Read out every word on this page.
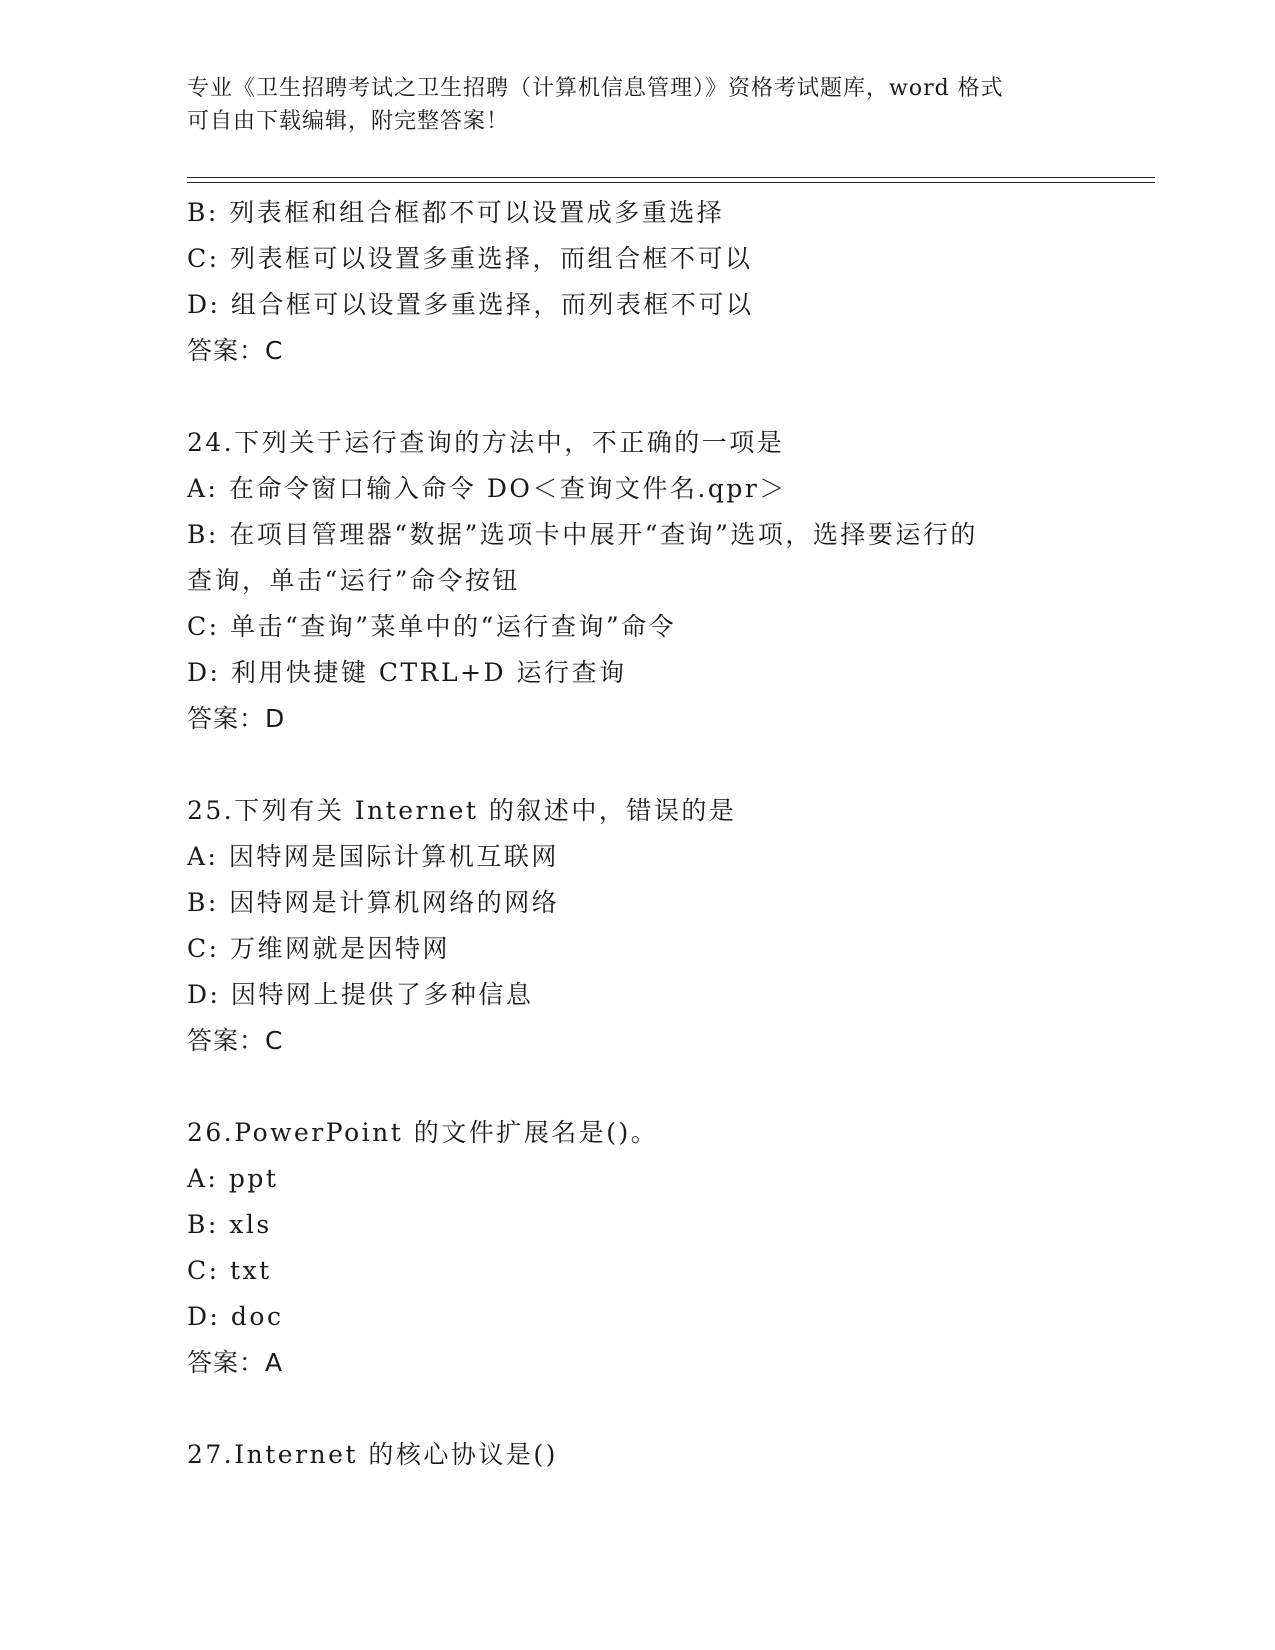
专业《卫生招聘考试之卫生招聘（计算机信息管理）》资格考试题库，word 格式
可自由下载编辑，附完整答案！
B: 列表框和组合框都不可以设置成多重选择
C: 列表框可以设置多重选择，而组合框不可以
D: 组合框可以设置多重选择，而列表框不可以
答案：C
24.下列关于运行查询的方法中，不正确的一项是
A: 在命令窗口输入命令 DO＜查询文件名.qpr＞
B: 在项目管理器“数据”选项卡中展开“查询”选项，选择要运行的
查询，单击“运行”命令按钮
C: 单击“查询”菜单中的“运行查询”命令
D: 利用快捷键 CTRL+D 运行查询
答案：D
25.下列有关 Internet 的叙述中，错误的是
A: 因特网是国际计算机互联网
B: 因特网是计算机网络的网络
C: 万维网就是因特网
D: 因特网上提供了多种信息
答案：C
26.PowerPoint 的文件扩展名是()。
A: ppt
B: xls
C: txt
D: doc
答案：A
27.Internet 的核心协议是()
